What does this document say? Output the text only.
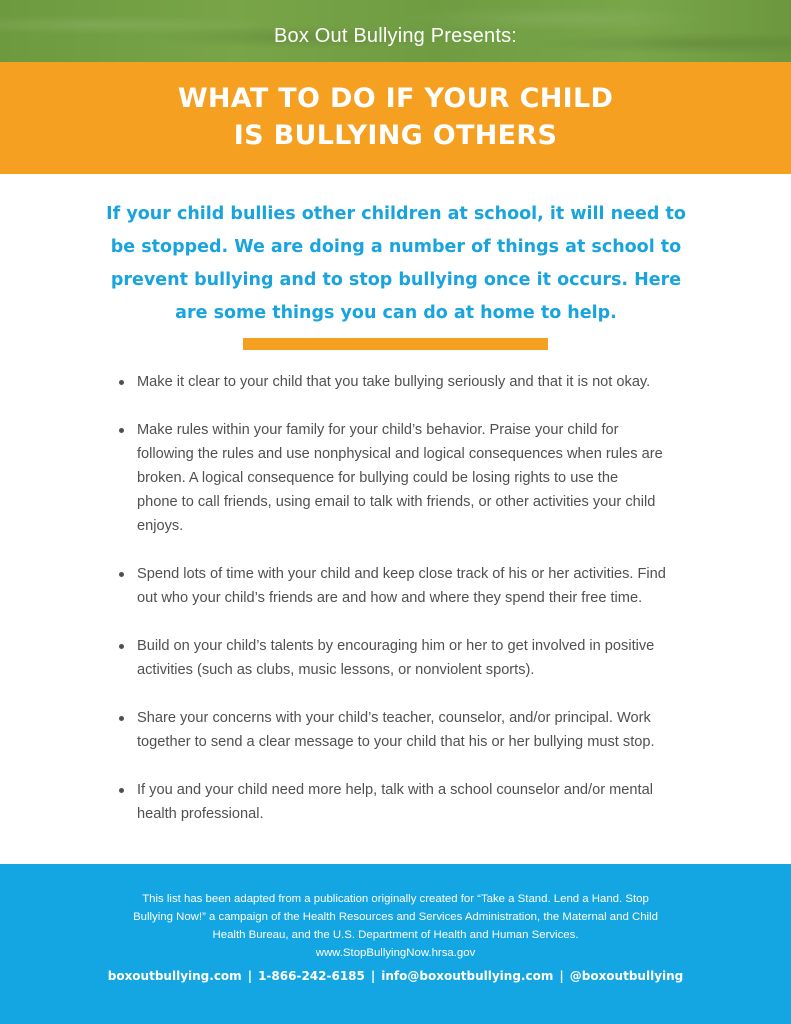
Box Out Bullying Presents:
WHAT TO DO IF YOUR CHILD
IS BULLYING OTHERS
If your child bullies other children at school, it will need to
be stopped. We are doing a number of things at school to
prevent bullying and to stop bullying once it occurs. Here
are some things you can do at home to help.
Make it clear to your child that you take bullying seriously and that it is not okay.
Make rules within your family for your child’s behavior. Praise your child for
following the rules and use nonphysical and logical consequences when rules are
broken. A logical consequence for bullying could be losing rights to use the
phone to call friends, using email to talk with friends, or other activities your child
enjoys.
Spend lots of time with your child and keep close track of his or her activities. Find
out who your child’s friends are and how and where they spend their free time.
Build on your child’s talents by encouraging him or her to get involved in positive
activities (such as clubs, music lessons, or nonviolent sports).
Share your concerns with your child’s teacher, counselor, and/or principal. Work
together to send a clear message to your child that his or her bullying must stop.
If you and your child need more help, talk with a school counselor and/or mental
health professional.
This list has been adapted from a publication originally created for “Take a Stand. Lend a Hand. Stop
Bullying Now!” a campaign of the Health Resources and Services Administration, the Maternal and Child
Health Bureau, and the U.S. Department of Health and Human Services.
www.StopBullyingNow.hrsa.gov
boxoutbullying.com | 1-866-242-6185 | info@boxoutbullying.com | @boxoutbullying
